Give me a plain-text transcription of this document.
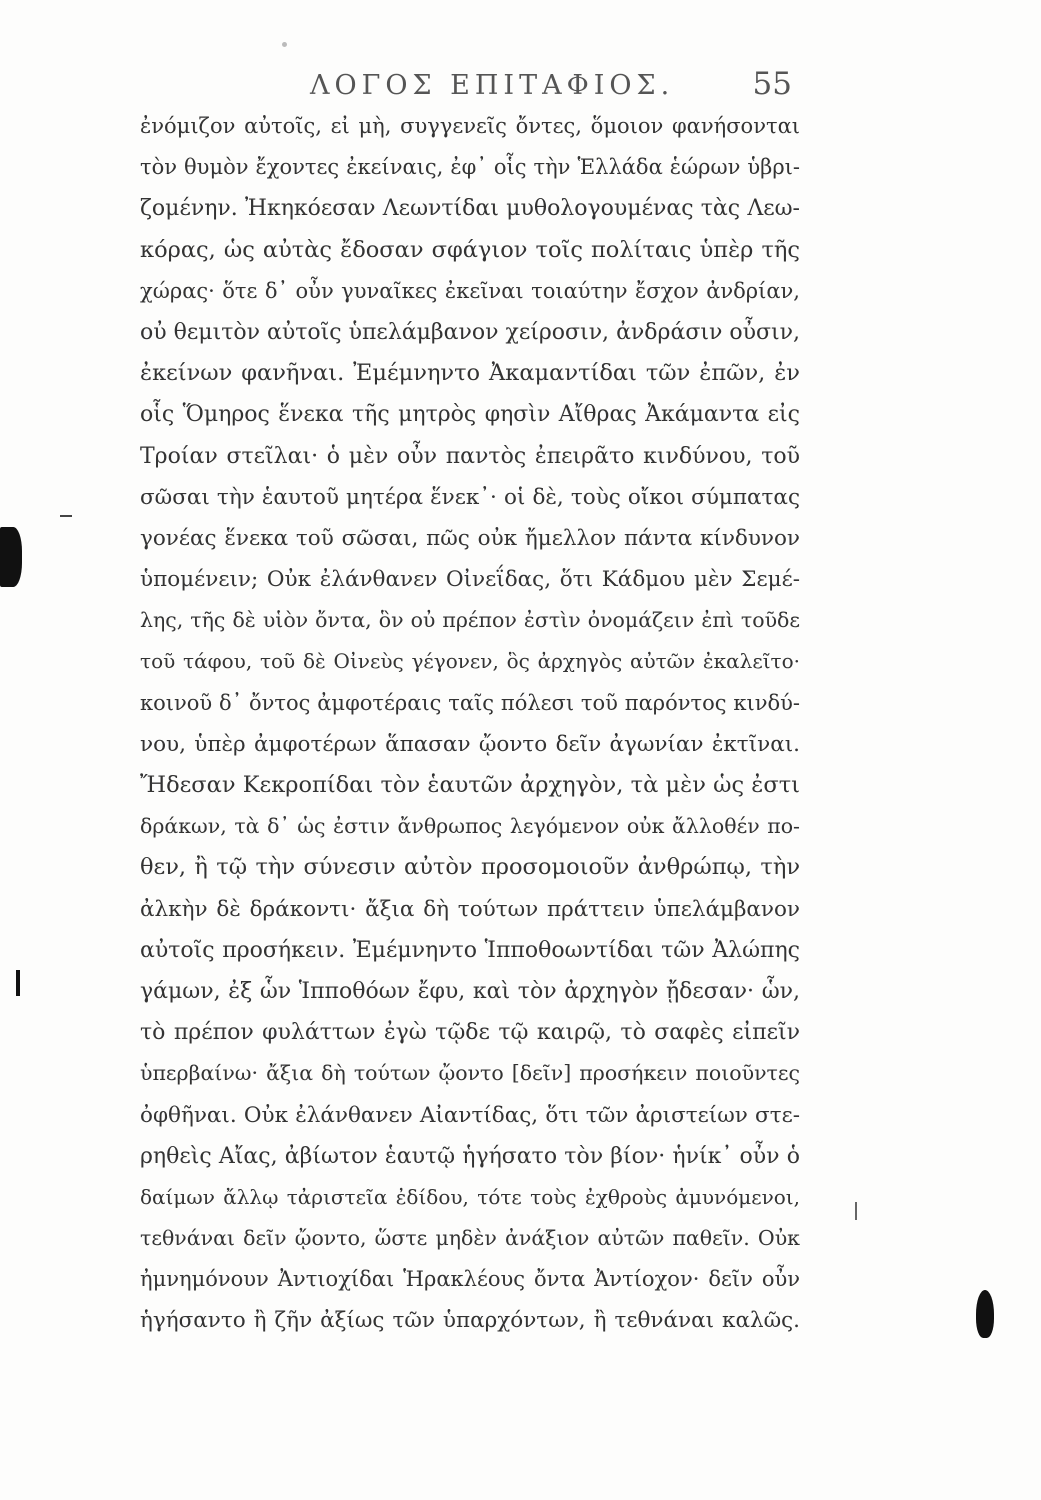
ΛΟΓΟΣ ΕΠΙΤΑΦΙΟΣ.	55
ἐνόμιζον αὐτοῖς, εἰ μὴ, συγγενεῖς ὄντες, ὅμοιον φανήσονται
τὸν θυμὸν ἔχοντες ἐκείναις, ἐφ᾽ οἷς τὴν Ἑλλάδα ἑώρων ὑβρι-
ζομένην. Ἠκηκόεσαν Λεωντίδαι μυθολογουμένας τὰς Λεω-
κόρας, ὡς αὐτὰς ἔδοσαν σφάγιον τοῖς πολίταις ὑπὲρ τῆς
χώρας· ὅτε δ᾽ οὖν γυναῖκες ἐκεῖναι τοιαύτην ἔσχον ἀνδρίαν,
οὐ θεμιτὸν αὐτοῖς ὑπελάμβανον χείροσιν, ἀνδράσιν οὖσιν,
ἐκείνων φανῆναι. Ἐμέμνηντο Ἀκαμαντίδαι τῶν ἐπῶν, ἐν
οἷς Ὅμηρος ἕνεκα τῆς μητρὸς φησὶν Αἴθρας Ἀκάμαντα εἰς
Τροίαν στεῖλαι· ὁ μὲν οὖν παντὸς ἐπειρᾶτο κινδύνου, τοῦ
σῶσαι τὴν ἑαυτοῦ μητέρα ἕνεκ᾽· οἱ δὲ, τοὺς οἴκοι σύμπατας
γονέας ἕνεκα τοῦ σῶσαι, πῶς οὐκ ἤμελλον πάντα κίνδυνον
ὑπομένειν; Οὐκ ἐλάνθανεν Οἰνεΐδας, ὅτι Κάδμου μὲν Σεμέ-
λης, τῆς δὲ υἱὸν ὄντα, ὃν οὐ πρέπον ἐστὶν ὀνομάζειν ἐπὶ τοῦδε
τοῦ τάφου, τοῦ δὲ Οἰνεὺς γέγονεν, ὃς ἀρχηγὸς αὐτῶν ἐκαλεῖτο·
κοινοῦ δ᾽ ὄντος ἀμφοτέραις ταῖς πόλεσι τοῦ παρόντος κινδύ-
νου, ὑπὲρ ἀμφοτέρων ἅπασαν ᾤοντο δεῖν ἀγωνίαν ἐκτῖναι.
Ἤδεσαν Κεκροπίδαι τὸν ἑαυτῶν ἀρχηγὸν, τὰ μὲν ὡς ἐστι
δράκων, τὰ δ᾽ ὡς ἐστιν ἄνθρωπος λεγόμενον οὐκ ἄλλοθέν πο-
θεν, ἢ τῷ τὴν σύνεσιν αὐτὸν προσομοιοῦν ἀνθρώπῳ, τὴν
ἀλκὴν δὲ δράκοντι· ἄξια δὴ τούτων πράττειν ὑπελάμβανον
αὐτοῖς προσήκειν. Ἐμέμνηντο Ἱπποθοωντίδαι τῶν Ἀλώπης
γάμων, ἐξ ὧν Ἱπποθόων ἔφυ, καὶ τὸν ἀρχηγὸν ᾔδεσαν· ὧν,
τὸ πρέπον φυλάττων ἐγὼ τῷδε τῷ καιρῷ, τὸ σαφὲς εἰπεῖν
ὑπερβαίνω· ἄξια δὴ τούτων ᾤοντο [δεῖν] προσήκειν ποιοῦντες
ὀφθῆναι. Οὐκ ἐλάνθανεν Αἰαντίδας, ὅτι τῶν ἀριστείων στε-
ρηθεὶς Αἴας, ἀβίωτον ἑαυτῷ ἡγήσατο τὸν βίον· ἡνίκ᾽ οὖν ὁ
δαίμων ἄλλῳ τἀριστεῖα ἐδίδου, τότε τοὺς ἐχθροὺς ἀμυνόμενοι,
τεθνάναι δεῖν ᾤοντο, ὥστε μηδὲν ἀνάξιον αὐτῶν παθεῖν. Οὐκ
ἠμνημόνουν Ἀντιοχίδαι Ἡρακλέους ὄντα Ἀντίοχον· δεῖν οὖν
ἡγήσαντο ἢ ζῆν ἀξίως τῶν ὑπαρχόντων, ἢ τεθνάναι καλῶς.
